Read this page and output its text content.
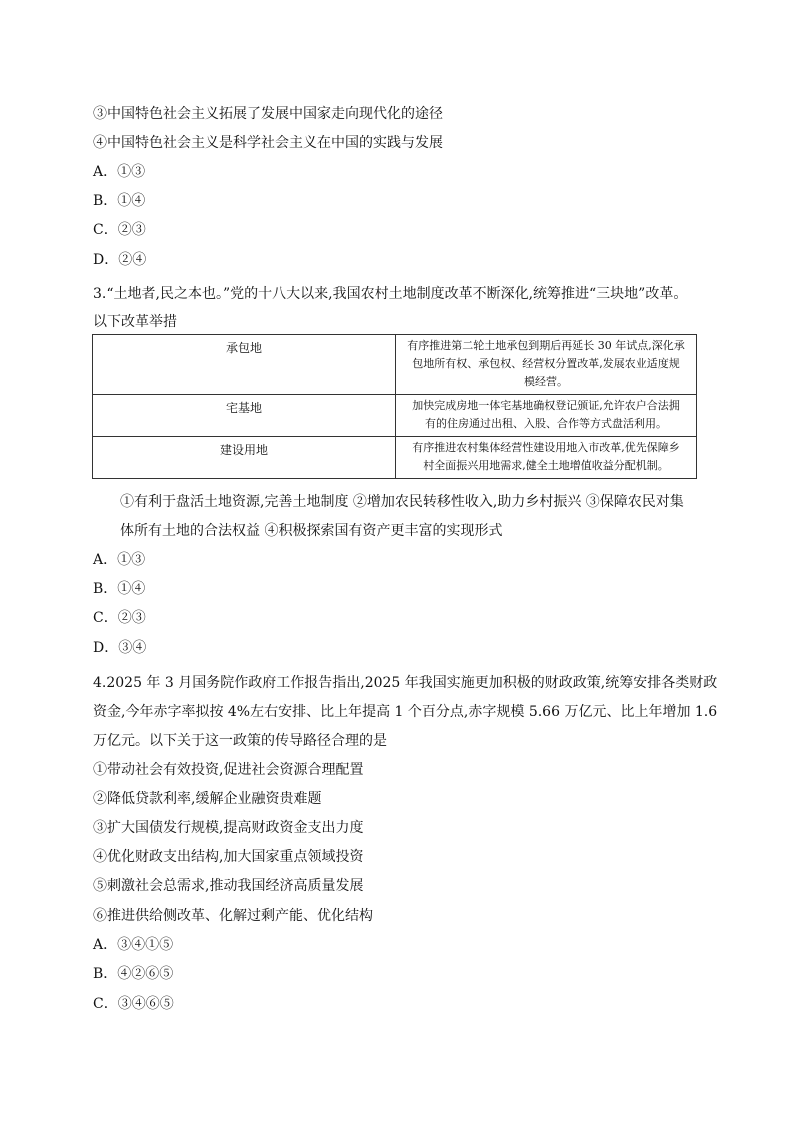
③中国特色社会主义拓展了发展中国家走向现代化的途径
④中国特色社会主义是科学社会主义在中国的实践与发展
A．①③
B．①④
C．②③
D．②④
3.“土地者,民之本也。”党的十八大以来,我国农村土地制度改革不断深化,统筹推进“三块地”改革。
以下改革举措
承包地	有序推进第二轮土地承包到期后再延长 30 年试点,深化承
包地所有权、承包权、经营权分置改革,发展农业适度规
模经营。

宅基地	加快完成房地一体宅基地确权登记颁证,允许农户合法拥
有的住房通过出租、入股、合作等方式盘活利用。

建设用地	有序推进农村集体经营性建设用地入市改革,优先保障乡
村全面振兴用地需求,健全土地增值收益分配机制。
①有利于盘活土地资源,完善土地制度 ②增加农民转移性收入,助力乡村振兴 ③保障农民对集
体所有土地的合法权益 ④积极探索国有资产更丰富的实现形式
A．①③
B．①④
C．②③
D．③④
4.2025 年 3 月国务院作政府工作报告指出,2025 年我国实施更加积极的财政政策,统筹安排各类财政
资金,今年赤字率拟按 4%左右安排、比上年提高 1 个百分点,赤字规模 5.66 万亿元、比上年增加 1.6
万亿元。以下关于这一政策的传导路径合理的是
①带动社会有效投资,促进社会资源合理配置
②降低贷款利率,缓解企业融资贵难题
③扩大国债发行规模,提高财政资金支出力度
④优化财政支出结构,加大国家重点领域投资
⑤刺激社会总需求,推动我国经济高质量发展
⑥推进供给侧改革、化解过剩产能、优化结构
A．③④①⑤
B．④②⑥⑤
C．③④⑥⑤
